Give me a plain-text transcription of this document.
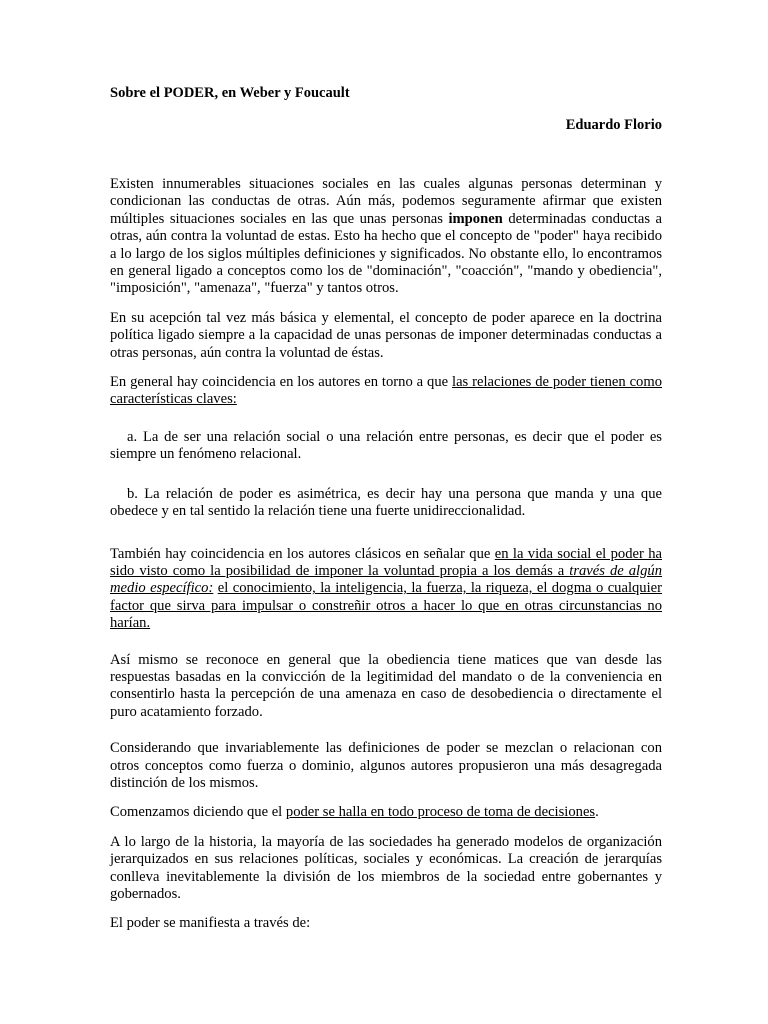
Sobre el PODER, en Weber y Foucault
Eduardo Florio

Existen innumerables situaciones sociales en las cuales algunas personas determinan y condicionan las conductas de otras. Aún más, podemos seguramente afirmar que existen múltiples situaciones sociales en las que unas personas imponen determinadas conductas a otras, aún contra la voluntad de estas. Esto ha hecho que el concepto de "poder" haya recibido a lo largo de los siglos múltiples definiciones y significados. No obstante ello, lo encontramos en general ligado a conceptos como los de "dominación", "coacción", "mando y obediencia", "imposición", "amenaza", "fuerza" y tantos otros.

En su acepción tal vez más básica y elemental, el concepto de poder aparece en la doctrina política ligado siempre a la capacidad de unas personas de imponer determinadas conductas a otras personas, aún contra la voluntad de éstas.

En general hay coincidencia en los autores en torno a que las relaciones de poder tienen como características claves:

a. La de ser una relación social o una relación entre personas, es decir que el poder es siempre un fenómeno relacional.

b. La relación de poder es asimétrica, es decir hay una persona que manda y una que obedece y en tal sentido la relación tiene una fuerte unidireccionalidad.

También hay coincidencia en los autores clásicos en señalar que en la vida social el poder ha sido visto como la posibilidad de imponer la voluntad propia a los demás a través de algún medio específico: el conocimiento, la inteligencia, la fuerza, la riqueza, el dogma o cualquier factor que sirva para impulsar o constreñir otros a hacer lo que en otras circunstancias no harían.

Así mismo se reconoce en general que la obediencia tiene matices que van desde las respuestas basadas en la convicción de la legitimidad del mandato o de la conveniencia en consentirlo hasta la percepción de una amenaza en caso de desobediencia o directamente el puro acatamiento forzado.

Considerando que invariablemente las definiciones de poder se mezclan o relacionan con otros conceptos como fuerza o dominio, algunos autores propusieron una más desagregada distinción de los mismos.

Comenzamos diciendo que el poder se halla en todo proceso de toma de decisiones.

A lo largo de la historia, la mayoría de las sociedades ha generado modelos de organización jerarquizados en sus relaciones políticas, sociales y económicas. La creación de jerarquías conlleva inevitablemente la división de los miembros de la sociedad entre gobernantes y gobernados.

El poder se manifiesta a través de:
